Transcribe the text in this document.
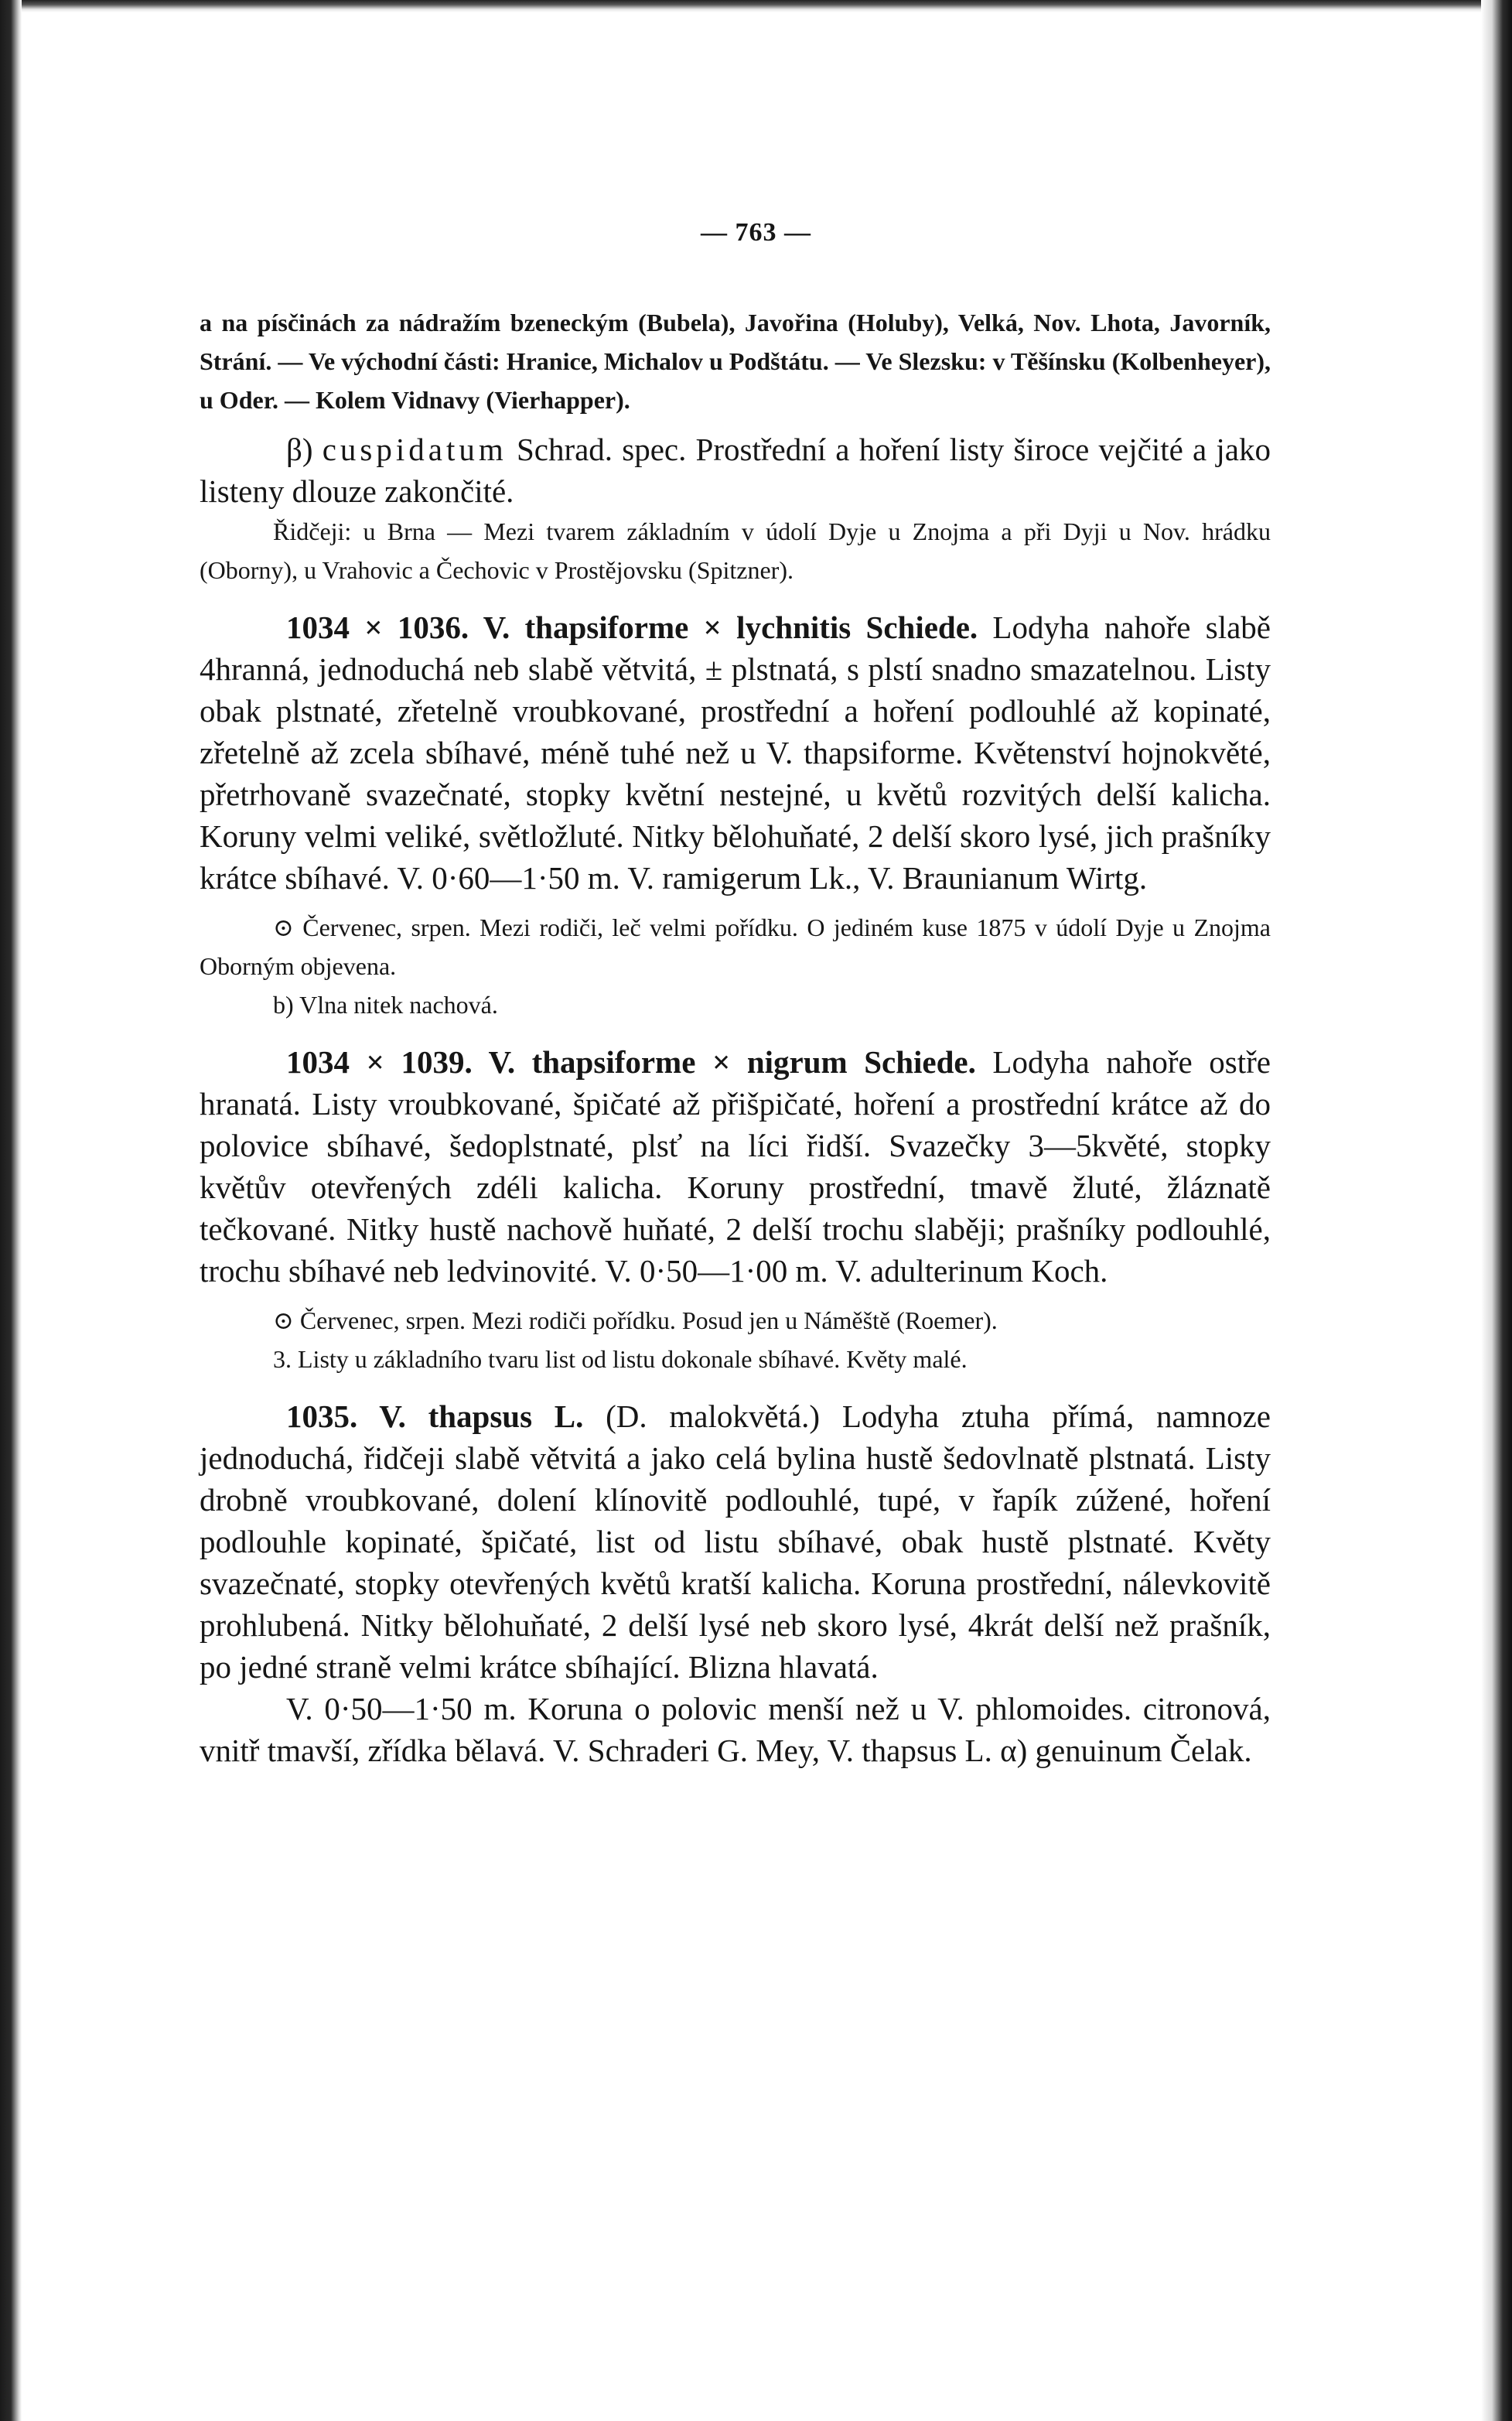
— 763 —

a na písčinách za nádražím bzeneckým (Bubela), Javořina (Holuby), Velká, Nov. Lhota, Javorník, Strání. — Ve východní části: Hranice, Michalov u Podštátu. — Ve Slezsku: v Těšínsku (Kolbenheyer), u Oder. — Kolem Vidnavy (Vierhapper).

β) cuspidatum Schrad. spec. Prostřední a hoření listy široce vejčité a jako listeny dlouze zakončité.

Řidčeji: u Brna — Mezi tvarem základním v údolí Dyje u Znojma a při Dyji u Nov. hrádku (Oborny), u Vrahovic a Čechovic v Prostějovsku (Spitzner).

1034 × 1036. V. thapsiforme × lychnitis Schiede. Lodyha nahoře slabě 4hranná, jednoduchá neb slabě větvitá, ± plstnatá, s plstí snadno smazatelnou. Listy obak plstnaté, zřetelně vroubkované, prostřední a hoření podlouhlé až kopinaté, zřetelně až zcela sbíhavé, méně tuhé než u V. thapsiforme. Květenství hojnokvěté, přetrhovaně svazečnaté, stopky květní nestejné, u květů rozvitých delší kalicha. Koruny velmi veliké, světložluté. Nitky bělohuňaté, 2 delší skoro lysé, jich prašníky krátce sbíhavé. V. 0·60—1·50 m. V. ramigerum Lk., V. Braunianum Wirtg.

⊙ Červenec, srpen. Mezi rodiči, leč velmi pořídku. O jediném kuse 1875 v údolí Dyje u Znojma Oborným objevena.

b) Vlna nitek nachová.

1034 × 1039. V. thapsiforme × nigrum Schiede. Lodyha nahoře ostře hranatá. Listy vroubkované, špičaté až přišpičaté, hoření a prostřední krátce až do polovice sbíhavé, šedoplstnaté, plsť na líci řidší. Svazečky 3—5květé, stopky květův otevřených zdéli kalicha. Koruny prostřední, tmavě žluté, žláznatě tečkované. Nitky hustě nachově huňaté, 2 delší trochu slaběji; prašníky podlouhlé, trochu sbíhavé neb ledvinovité. V. 0·50—1·00 m. V. adulterinum Koch.

⊙ Červenec, srpen. Mezi rodiči pořídku. Posud jen u Náměště (Roemer).

3. Listy u základního tvaru list od listu dokonale sbíhavé. Květy malé.

1035. V. thapsus L. (D. malokvětá.) Lodyha ztuha přímá, namnoze jednoduchá, řidčeji slabě větvitá a jako celá bylina hustě šedovlnatě plstnatá. Listy drobně vroubkované, dolení klínovitě podlouhlé, tupé, v řapík zúžené, hoření podlouhle kopinaté, špičaté, list od listu sbíhavé, obak hustě plstnaté. Květy svazečnaté, stopky otevřených květů kratší kalicha. Koruna prostřední, nálevkovitě prohlubená. Nitky bělohuňaté, 2 delší lysé neb skoro lysé, 4krát delší než prašník, po jedné straně velmi krátce sbíhající. Blizna hlavatá.

V. 0·50—1·50 m. Koruna o polovic menší než u V. phlomoides. citronová, vnitř tmavší, zřídka bělavá. V. Schraderi G. Mey, V. thapsus L. α) genuinum Čelak.
